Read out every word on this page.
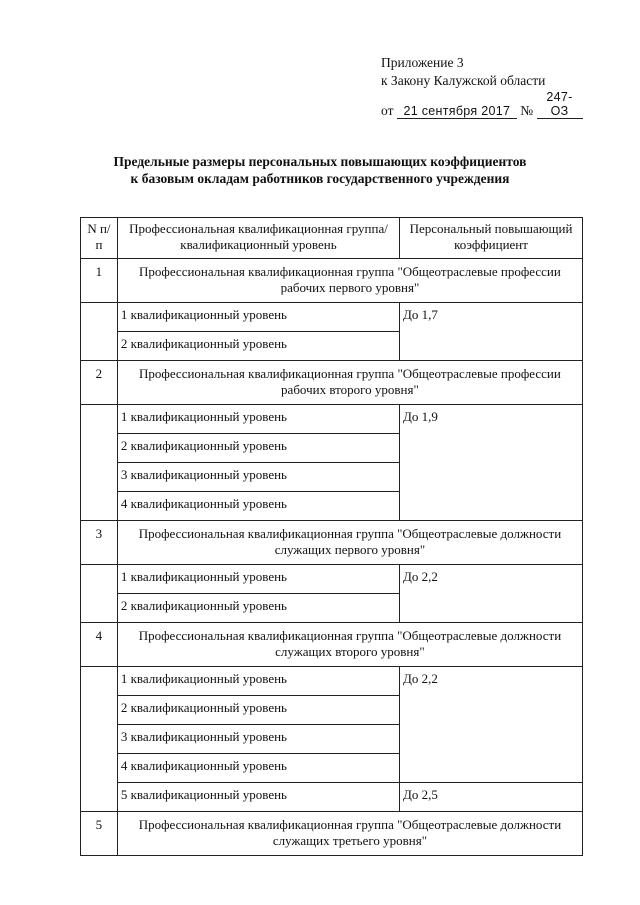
Приложение 3
к Закону Калужской области
от 21 сентября 2017 № 247-ОЗ
Предельные размеры персональных повышающих коэффициентов
к базовым окладам работников государственного учреждения
N п/п	Профессиональная квалификационная группа/квалификационный уровень	Персональный повышающий коэффициент
1	Профессиональная квалификационная группа "Общеотраслевые профессии рабочих первого уровня"	
	1 квалификационный уровень	До 1,7
	2 квалификационный уровень	
2	Профессиональная квалификационная группа "Общеотраслевые профессии рабочих второго уровня"	
	1 квалификационный уровень	До 1,9
	2 квалификационный уровень	
	3 квалификационный уровень	
	4 квалификационный уровень	
3	Профессиональная квалификационная группа "Общеотраслевые должности служащих первого уровня"	
	1 квалификационный уровень	До 2,2
	2 квалификационный уровень	
4	Профессиональная квалификационная группа "Общеотраслевые должности служащих второго уровня"	
	1 квалификационный уровень	До 2,2
	2 квалификационный уровень	
	3 квалификационный уровень	
	4 квалификационный уровень	
	5 квалификационный уровень	До 2,5
5	Профессиональная квалификационная группа "Общеотраслевые должности служащих третьего уровня"	
